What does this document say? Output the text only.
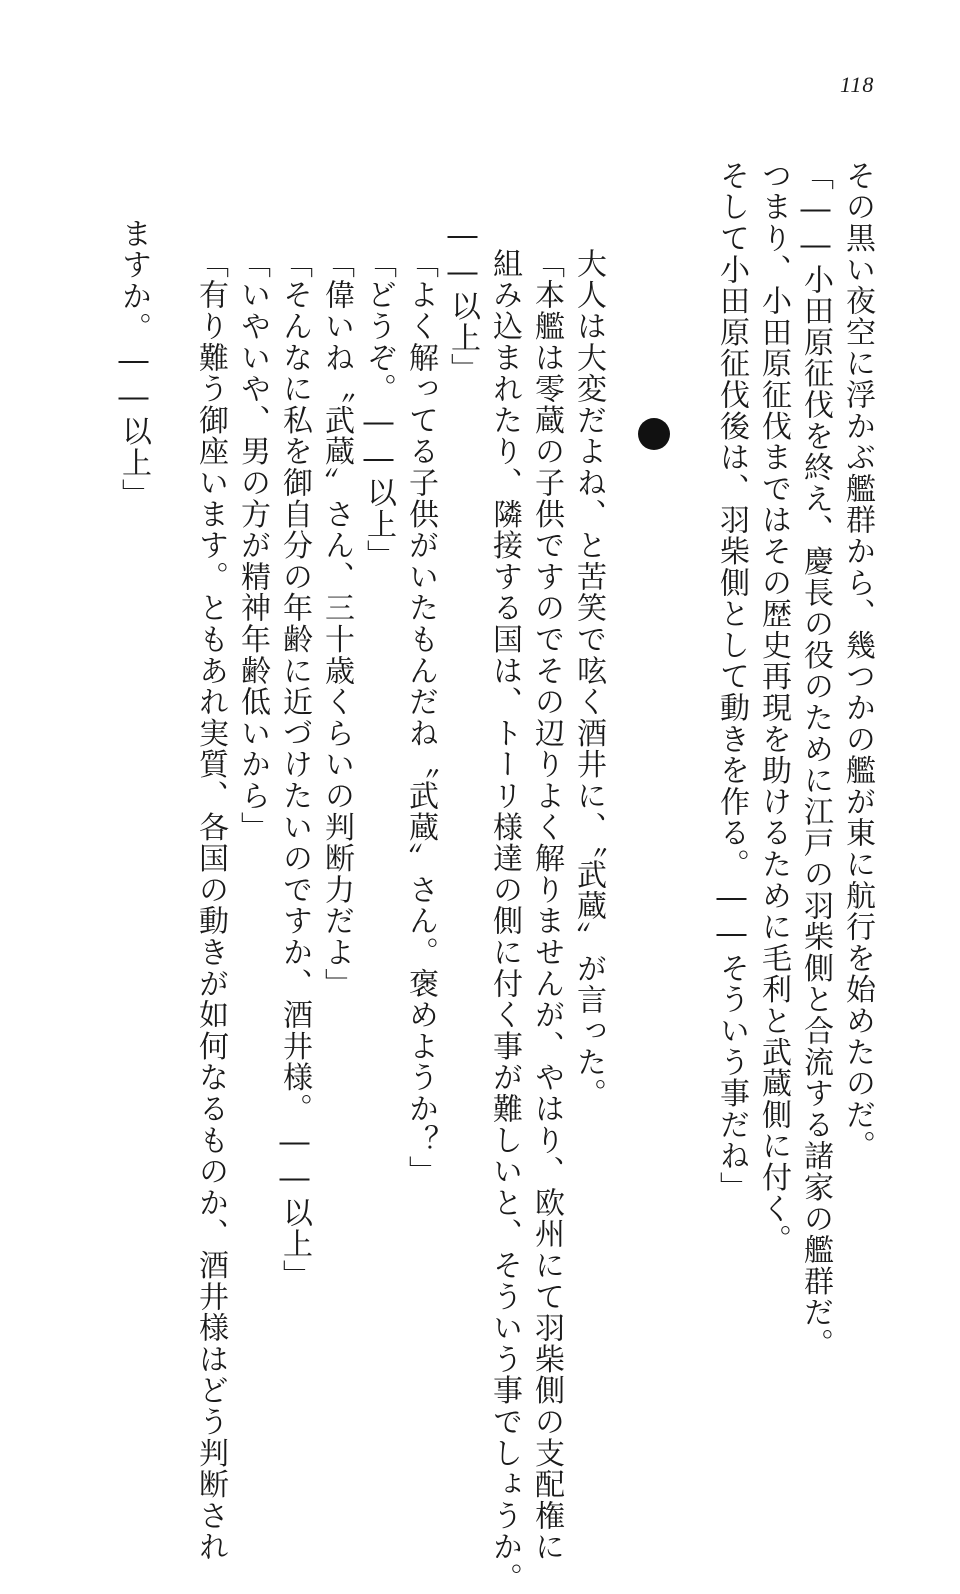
118
その黒い夜空に浮かぶ艦群から、幾つかの艦が東に航行を始めたのだ。
「――小田原征伐を終え、慶長の役のために江戸の羽柴側と合流する諸家の艦群だ。
つまり、小田原征伐まではその歴史再現を助けるために毛利と武蔵側に付く。
そして小田原征伐後は、羽柴側として動きを作る。――そういう事だね」
大人は大変だよね、と苦笑で呟く酒井に、〝武蔵〟が言った。
「本艦は零蔵の子供ですのでその辺りよく解りませんが、やはり、欧州にて羽柴側の支配権に
組み込まれたり、隣接する国は、トーリ様達の側に付く事が難しいと、そういう事でしょうか。
――以上」
「よく解ってる子供がいたもんだね〝武蔵〟さん。褒めようか？」
「どうぞ。――以上」
「偉いね〝武蔵〟さん、三十歳くらいの判断力だよ」
「そんなに私を御自分の年齢に近づけたいのですか、酒井様。――以上」
「いやいや、男の方が精神年齢低いから」
「有り難う御座います。ともあれ実質、各国の動きが如何なるものか、酒井様はどう判断され
ますか。――以上」
